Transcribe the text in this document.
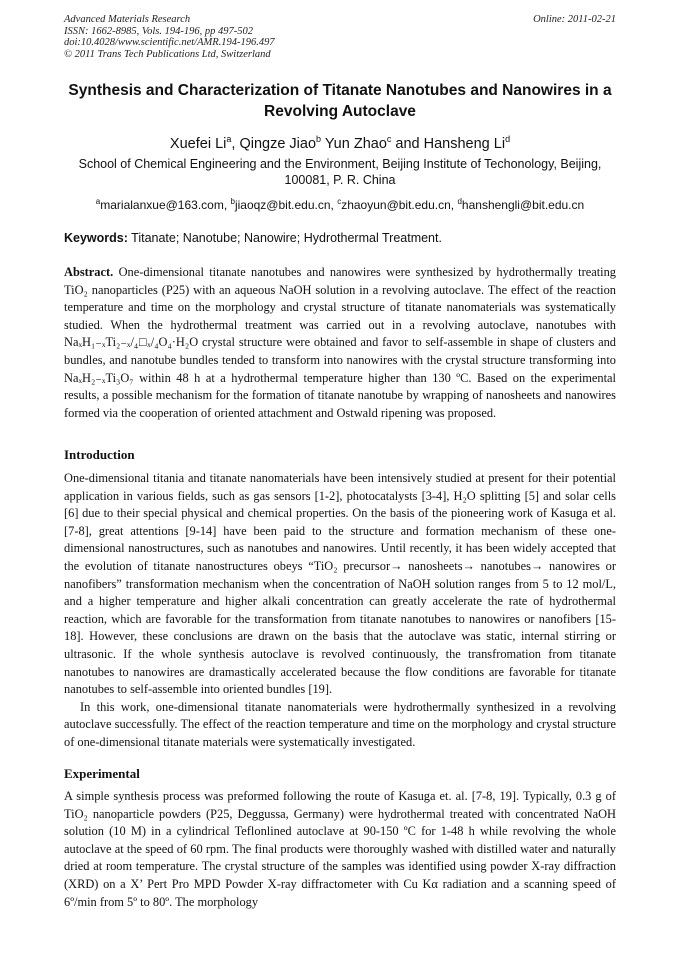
Advanced Materials Research
ISSN: 1662-8985, Vols. 194-196, pp 497-502
doi:10.4028/www.scientific.net/AMR.194-196.497
© 2011 Trans Tech Publications Ltd, Switzerland
Online: 2011-02-21
Synthesis and Characterization of Titanate Nanotubes and Nanowires in a Revolving Autoclave
Xuefei Li$^a$, Qingze Jiao$^b$ Yun Zhao$^c$ and Hansheng Li$^d$
School of Chemical Engineering and the Environment, Beijing Institute of Techonology, Beijing, 100081, P. R. China
$^a$marialanxue@163.com, $^b$jiaoqz@bit.edu.cn, $^c$zhaoyun@bit.edu.cn, $^d$hanshengli@bit.edu.cn
Keywords: Titanate; Nanotube; Nanowire; Hydrothermal Treatment.

Abstract. One-dimensional titanate nanotubes and nanowires were synthesized by hydrothermally treating TiO₂ nanoparticles (P25) with an aqueous NaOH solution in a revolving autoclave. The effect of the reaction temperature and time on the morphology and crystal structure of titanate nanomaterials was systematically studied. When the hydrothermal treatment was carried out in a revolving autoclave, nanotubes with NaₓH₁₋ₓTi₂₋ₓ/₄□ₓ/₄O₄·H₂O crystal structure were obtained and favor to self-assemble in shape of clusters and bundles, and nanotube bundles tended to transform into nanowires with the crystal structure transforming into NaₓH₂₋ₓTi₃O₇ within 48 h at a hydrothermal temperature higher than 130 ºC. Based on the experimental results, a possible mechanism for the formation of titanate nanotube by wrapping of nanosheets and nanowires formed via the cooperation of oriented attachment and Ostwald ripening was proposed.

Introduction

One-dimensional titania and titanate nanomaterials have been intensively studied at present for their potential application in various fields, such as gas sensors [1-2], photocatalysts [3-4], H₂O splitting [5] and solar cells [6] due to their special physical and chemical properties. On the basis of the pioneering work of Kasuga et al. [7-8], great attentions [9-14] have been paid to the structure and formation mechanism of these one-dimensional nanostructures, such as nanotubes and nanowires. Until recently, it has been widely accepted that the evolution of titanate nanostructures obeys “TiO₂ precursor→ nanosheets→ nanotubes→ nanowires or nanofibers” transformation mechanism when the concentration of NaOH solution ranges from 5 to 12 mol/L, and a higher temperature and higher alkali concentration can greatly accelerate the rate of hydrothermal reaction, which are favorable for the transformation from titanate nanotubes to nanowires or nanofibers [15-18]. However, these conclusions are drawn on the basis that the autoclave was static, internal stirring or ultrasonic. If the whole synthesis autoclave is revolved continuously, the transfromation from titanate nanotubes to nanowires are dramastically accelerated because the flow conditions are favorable for titanate nanotubes to self-assemble into oriented bundles [19].

In this work, one-dimensional titanate nanomaterials were hydrothermally synthesized in a revolving autoclave successfully. The effect of the reaction temperature and time on the morphology and crystal structure of one-dimensional titanate materials were systematically investigated.

Experimental

A simple synthesis process was preformed following the route of Kasuga et. al. [7-8, 19]. Typically, 0.3 g of TiO₂ nanoparticle powders (P25, Deggussa, Germany) were hydrothermal treated with concentrated NaOH solution (10 M) in a cylindrical Teflonlined autoclave at 90-150 ºC for 1-48 h while revolving the whole autoclave at the speed of 60 rpm. The final products were thoroughly washed with distilled water and naturally dried at room temperature. The crystal structure of the samples was identified using powder X-ray diffraction (XRD) on a X’ Pert Pro MPD Powder X-ray diffractometer with Cu Kα radiation and a scanning speed of 6º/min from 5º to 80º. The morphology
